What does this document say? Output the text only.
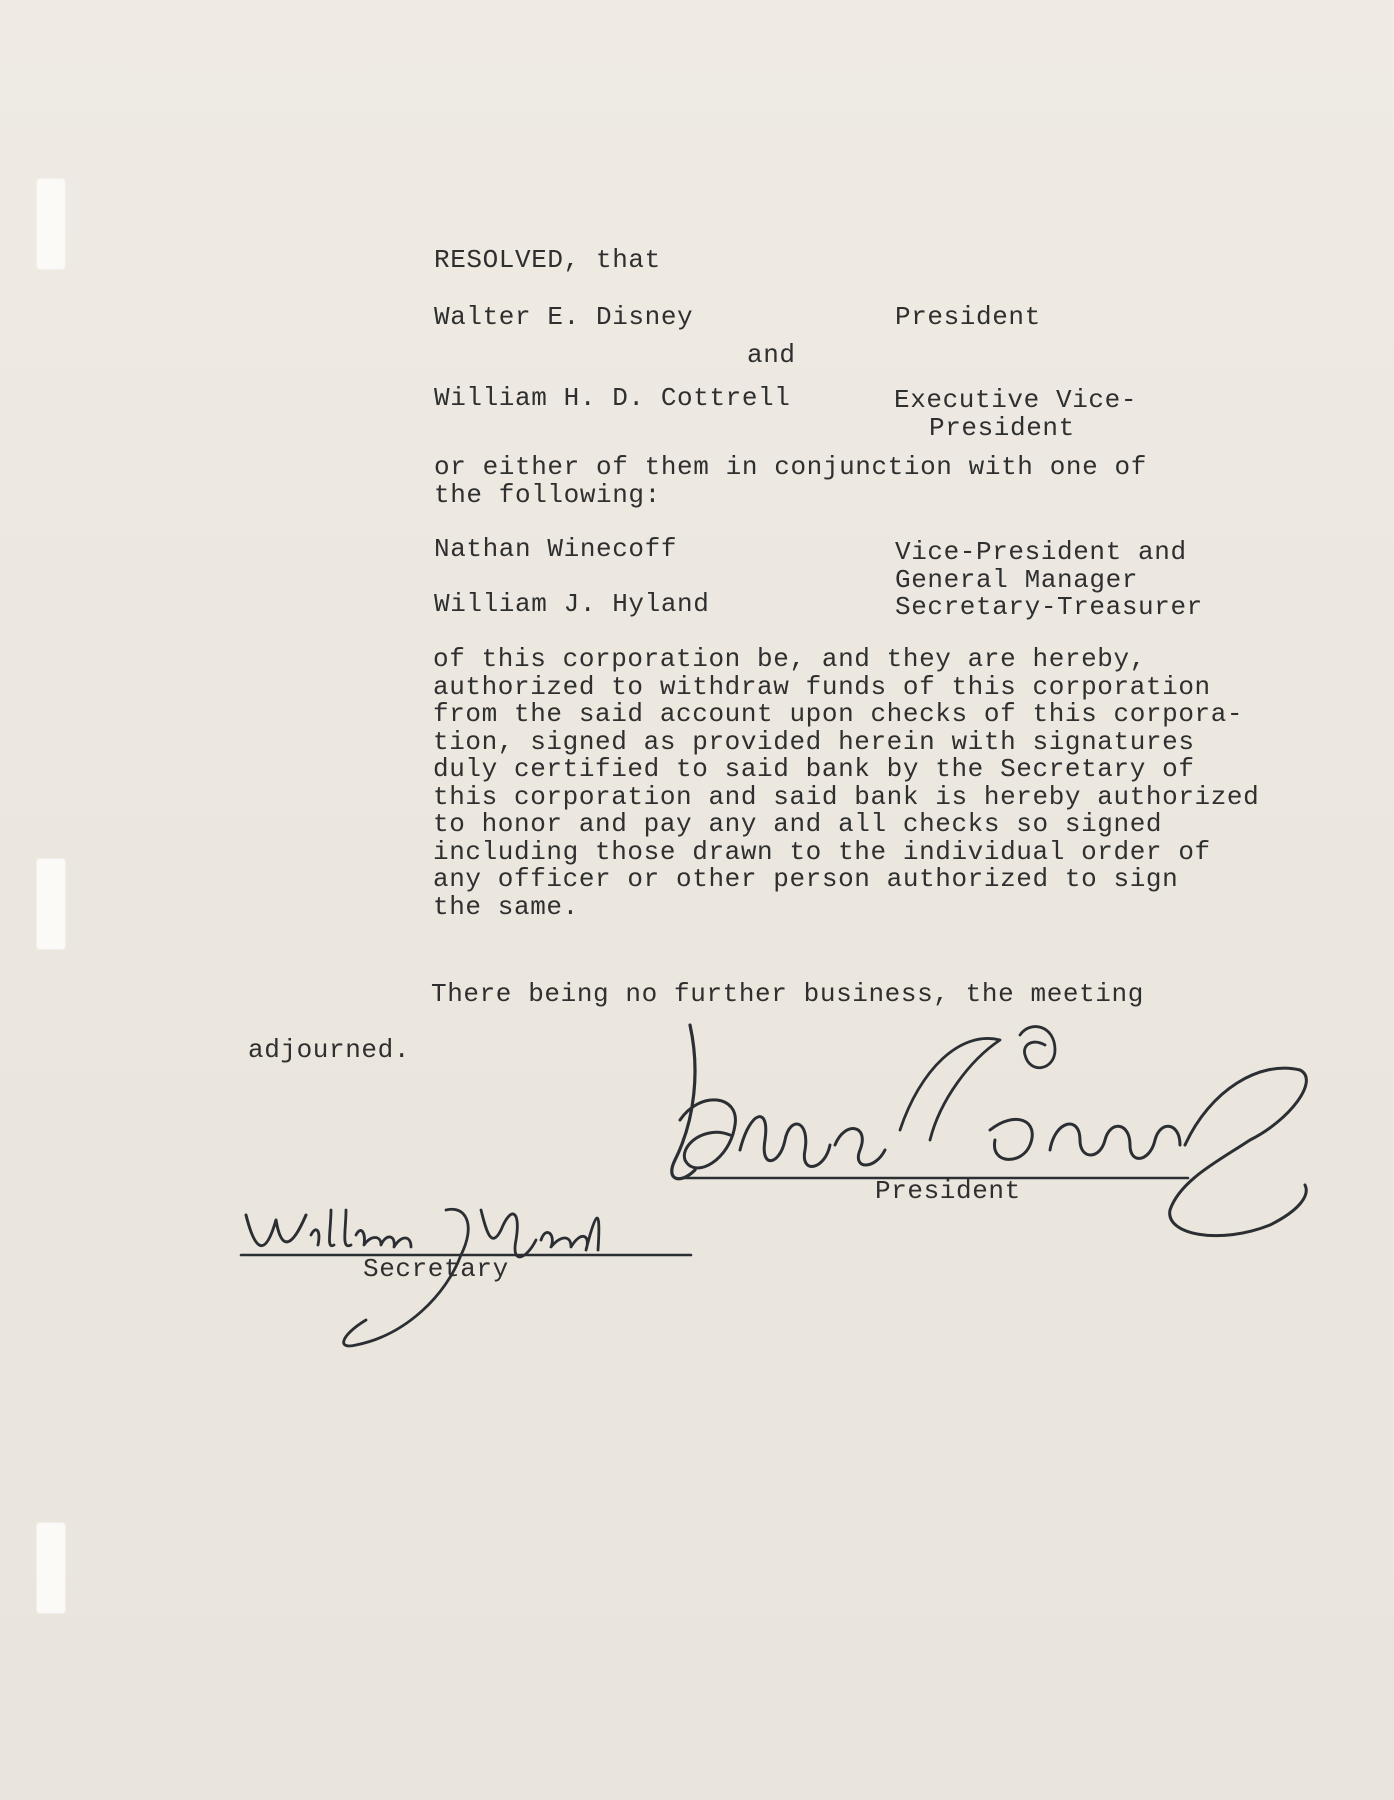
RESOLVED, that
Walter E. Disney	President
and
William H. D. Cottrell	Executive Vice-
President
or either of them in conjunction with one of
the following:
Nathan Winecoff	Vice-President and
General Manager
William J. Hyland	Secretary-Treasurer
of this corporation be, and they are hereby,
authorized to withdraw funds of this corporation
from the said account upon checks of this corpora-
tion, signed as provided herein with signatures
duly certified to said bank by the Secretary of
this corporation and said bank is hereby authorized
to honor and pay any and all checks so signed
including those drawn to the individual order of
any officer or other person authorized to sign
the same.
There being no further business, the meeting
adjourned.
President
Secretary
